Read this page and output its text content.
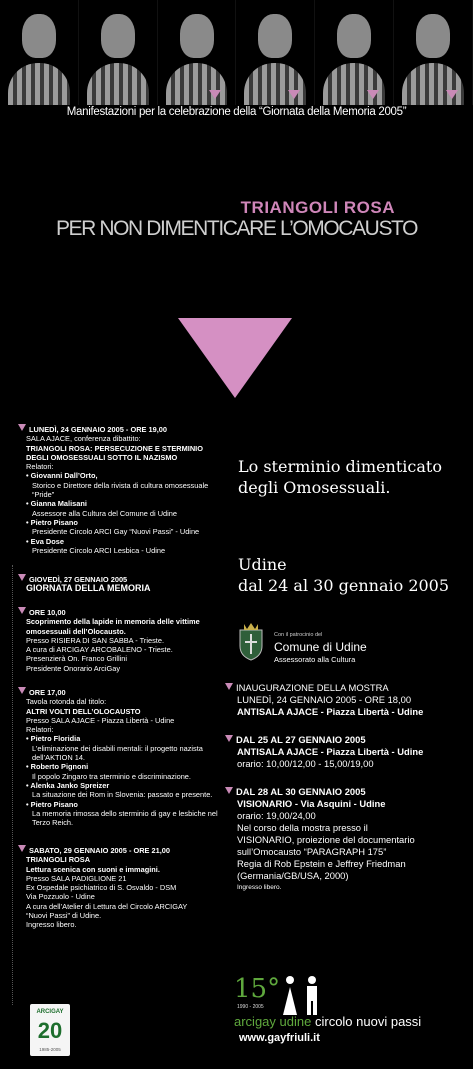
Manifestazioni per la celebrazione della “Giornata della Memoria 2005”
TRIANGOLI ROSA
PER NON DIMENTICARE L’OMOCAUSTO
LUNEDÌ, 24 GENNAIO 2005 - ORE 19,00
SALA AJACE, conferenza dibattito:
TRIANGOLI ROSA: PERSECUZIONE E STERMINIO
DEGLI OMOSESSUALI SOTTO IL NAZISMO
Relatori:
• Giovanni Dall’Orto,
Storico e Direttore della rivista di cultura omosessuale “Pride”
• Gianna Malisani
Assessore alla Cultura del Comune di Udine
• Pietro Pisano
Presidente Circolo ARCI Gay “Nuovi Passi” - Udine
• Eva Dose
Presidente Circolo ARCI Lesbica - Udine
GIOVEDÌ, 27 GENNAIO 2005
GIORNATA DELLA MEMORIA
ORE 10,00
Scoprimento della lapide in memoria delle vittime
omosessuali dell’Olocausto.
Presso RISIERA DI SAN SABBA - Trieste.
A cura di ARCIGAY ARCOBALENO - Trieste.
Presenzierà On. Franco Grillini
Presidente Onorario ArciGay
ORE 17,00
Tavola rotonda dal titolo:
ALTRI VOLTI DELL’OLOCAUSTO
Presso SALA AJACE - Piazza Libertà - Udine
Relatori:
• Pietro Floridia
L’eliminazione dei disabili mentali: il progetto nazista dell’AKTION 14.
• Roberto Pignoni
Il popolo Zingaro tra sterminio e discriminazione.
• Alenka Janko Spreizer
La situazione dei Rom in Slovenia: passato e presente.
• Pietro Pisano
La memoria rimossa dello sterminio di gay e lesbiche nel Terzo Reich.
SABATO, 29 GENNAIO 2005 - ORE 21,00
TRIANGOLI ROSA
Lettura scenica con suoni e immagini.
Presso SALA PADIGLIONE 21
Ex Ospedale psichiatrico di S. Osvaldo - DSM
Via Pozzuolo - Udine
A cura dell’Atelier di Lettura del Circolo ARCIGAY
“Nuovi Passi” di Udine.
Ingresso libero.
Lo sterminio dimenticato
degli Omosessuali.
Udine
dal 24 al 30 gennaio 2005
Con il patrocinio del
Comune di Udine
Assessorato alla Cultura
INAUGURAZIONE DELLA MOSTRA
LUNEDÌ, 24 GENNAIO 2005 - ORE 18,00
ANTISALA AJACE - Piazza Libertà - Udine
DAL 25 AL 27 GENNAIO 2005
ANTISALA AJACE - Piazza Libertà - Udine
orario: 10,00/12,00 - 15,00/19,00
DAL 28 AL 30 GENNAIO 2005
VISIONARIO - Via Asquini - Udine
orario: 19,00/24,00
Nel corso della mostra presso il
VISIONARIO, proiezione del documentario
sull’Omocausto “PARAGRAPH 175”
Regia di Rob Epstein e Jeffrey Friedman
(Germania/GB/USA, 2000)
Ingresso libero.
ARCIGAY
20
1985-2005
15°
1990 - 2005
arcigay udine circolo nuovi passi
www.gayfriuli.it
